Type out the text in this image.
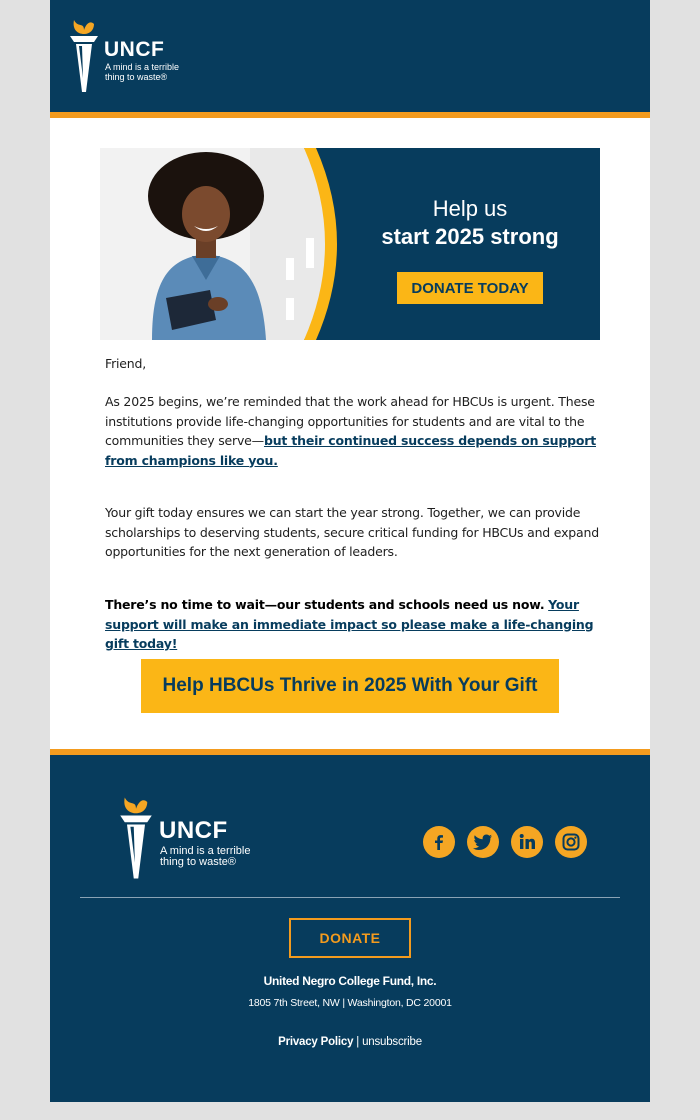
UNCF
A mind is a terrible
thing to waste®
Help us
start 2025 strong
DONATE TODAY
Friend,
As 2025 begins, we’re reminded that the work ahead for HBCUs is urgent. These institutions provide life-changing opportunities for students and are vital to the communities they serve—but their continued success depends on support from champions like you.
Your gift today ensures we can start the year strong. Together, we can provide scholarships to deserving students, secure critical funding for HBCUs and expand opportunities for the next generation of leaders.
There’s no time to wait—our students and schools need us now. Your support will make an immediate impact so please make a life-changing gift today!
Help HBCUs Thrive in 2025 With Your Gift
UNCF
A mind is a terrible
thing to waste®
DONATE
United Negro College Fund, Inc.
1805 7th Street, NW | Washington, DC 20001
Privacy Policy | unsubscribe
